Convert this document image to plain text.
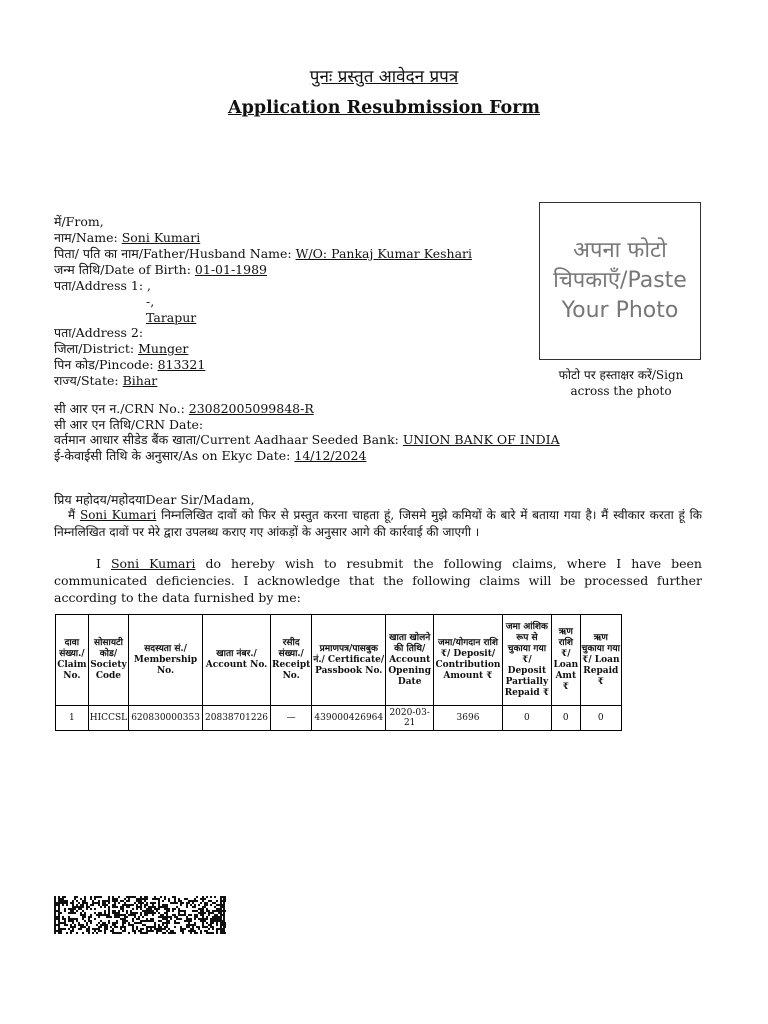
पुनः प्रस्तुत आवेदन प्रपत्र
Application Resubmission Form
में/From,
नाम/Name: Soni Kumari
पिता/ पति का नाम/Father/Husband Name: W/O: Pankaj Kumar Keshari
जन्म तिथि/Date of Birth: 01-01-1989
पता/Address 1: ,
-,
Tarapur
पता/Address 2:
जिला/District: Munger
पिन कोड/Pincode: 813321
राज्य/State: Bihar
अपना फोटो चिपकाएँ/Paste Your Photo
फोटो पर हस्ताक्षर करें/Sign across the photo
सी आर एन न./CRN No.: 23082005099848-R
सी आर एन तिथि/CRN Date:
वर्तमान आधार सीडेड बैंक खाता/Current Aadhaar Seeded Bank: UNION BANK OF INDIA
ई-केवाईसी तिथि के अनुसार/As on Ekyc Date: 14/12/2024
प्रिय महोदय/महोदयाDear Sir/Madam,
मैं Soni Kumari निम्नलिखित दावों को फिर से प्रस्तुत करना चाहता हूं, जिसमे मुझे कमियों के बारे में बताया गया है। मैं स्वीकार करता हूं कि निम्नलिखित दावों पर मेरे द्वारा उपलब्ध कराए गए आंकड़ों के अनुसार आगे की कार्रवाई की जाएगी ।
I Soni Kumari do hereby wish to resubmit the following claims, where I have been communicated deficiencies. I acknowledge that the following claims will be processed further according to the data furnished by me:
दावा संख्या./ Claim No.	सोसायटी कोड/ Society Code	सदस्यता सं./ Membership No.	खाता नंबर./ Account No.	रसीद संख्या./ Receipt No.	प्रमाणपत्र/पासबुक नं./ Certificate/ Passbook No.	खाता खोलने की तिथि/ Account Opening Date	जमा/योगदान राशि ₹/ Deposit/ Contribution Amount ₹	जमा आंशिक रूप से चुकाया गया ₹/ Deposit Partially Repaid ₹	ऋण राशि ₹/ Loan Amt ₹	ऋण चुकाया गया ₹/ Loan Repaid ₹
1	HICCSL	620830000353	20838701226	—	439000426964	2020-03-21	3696	0	0	0
